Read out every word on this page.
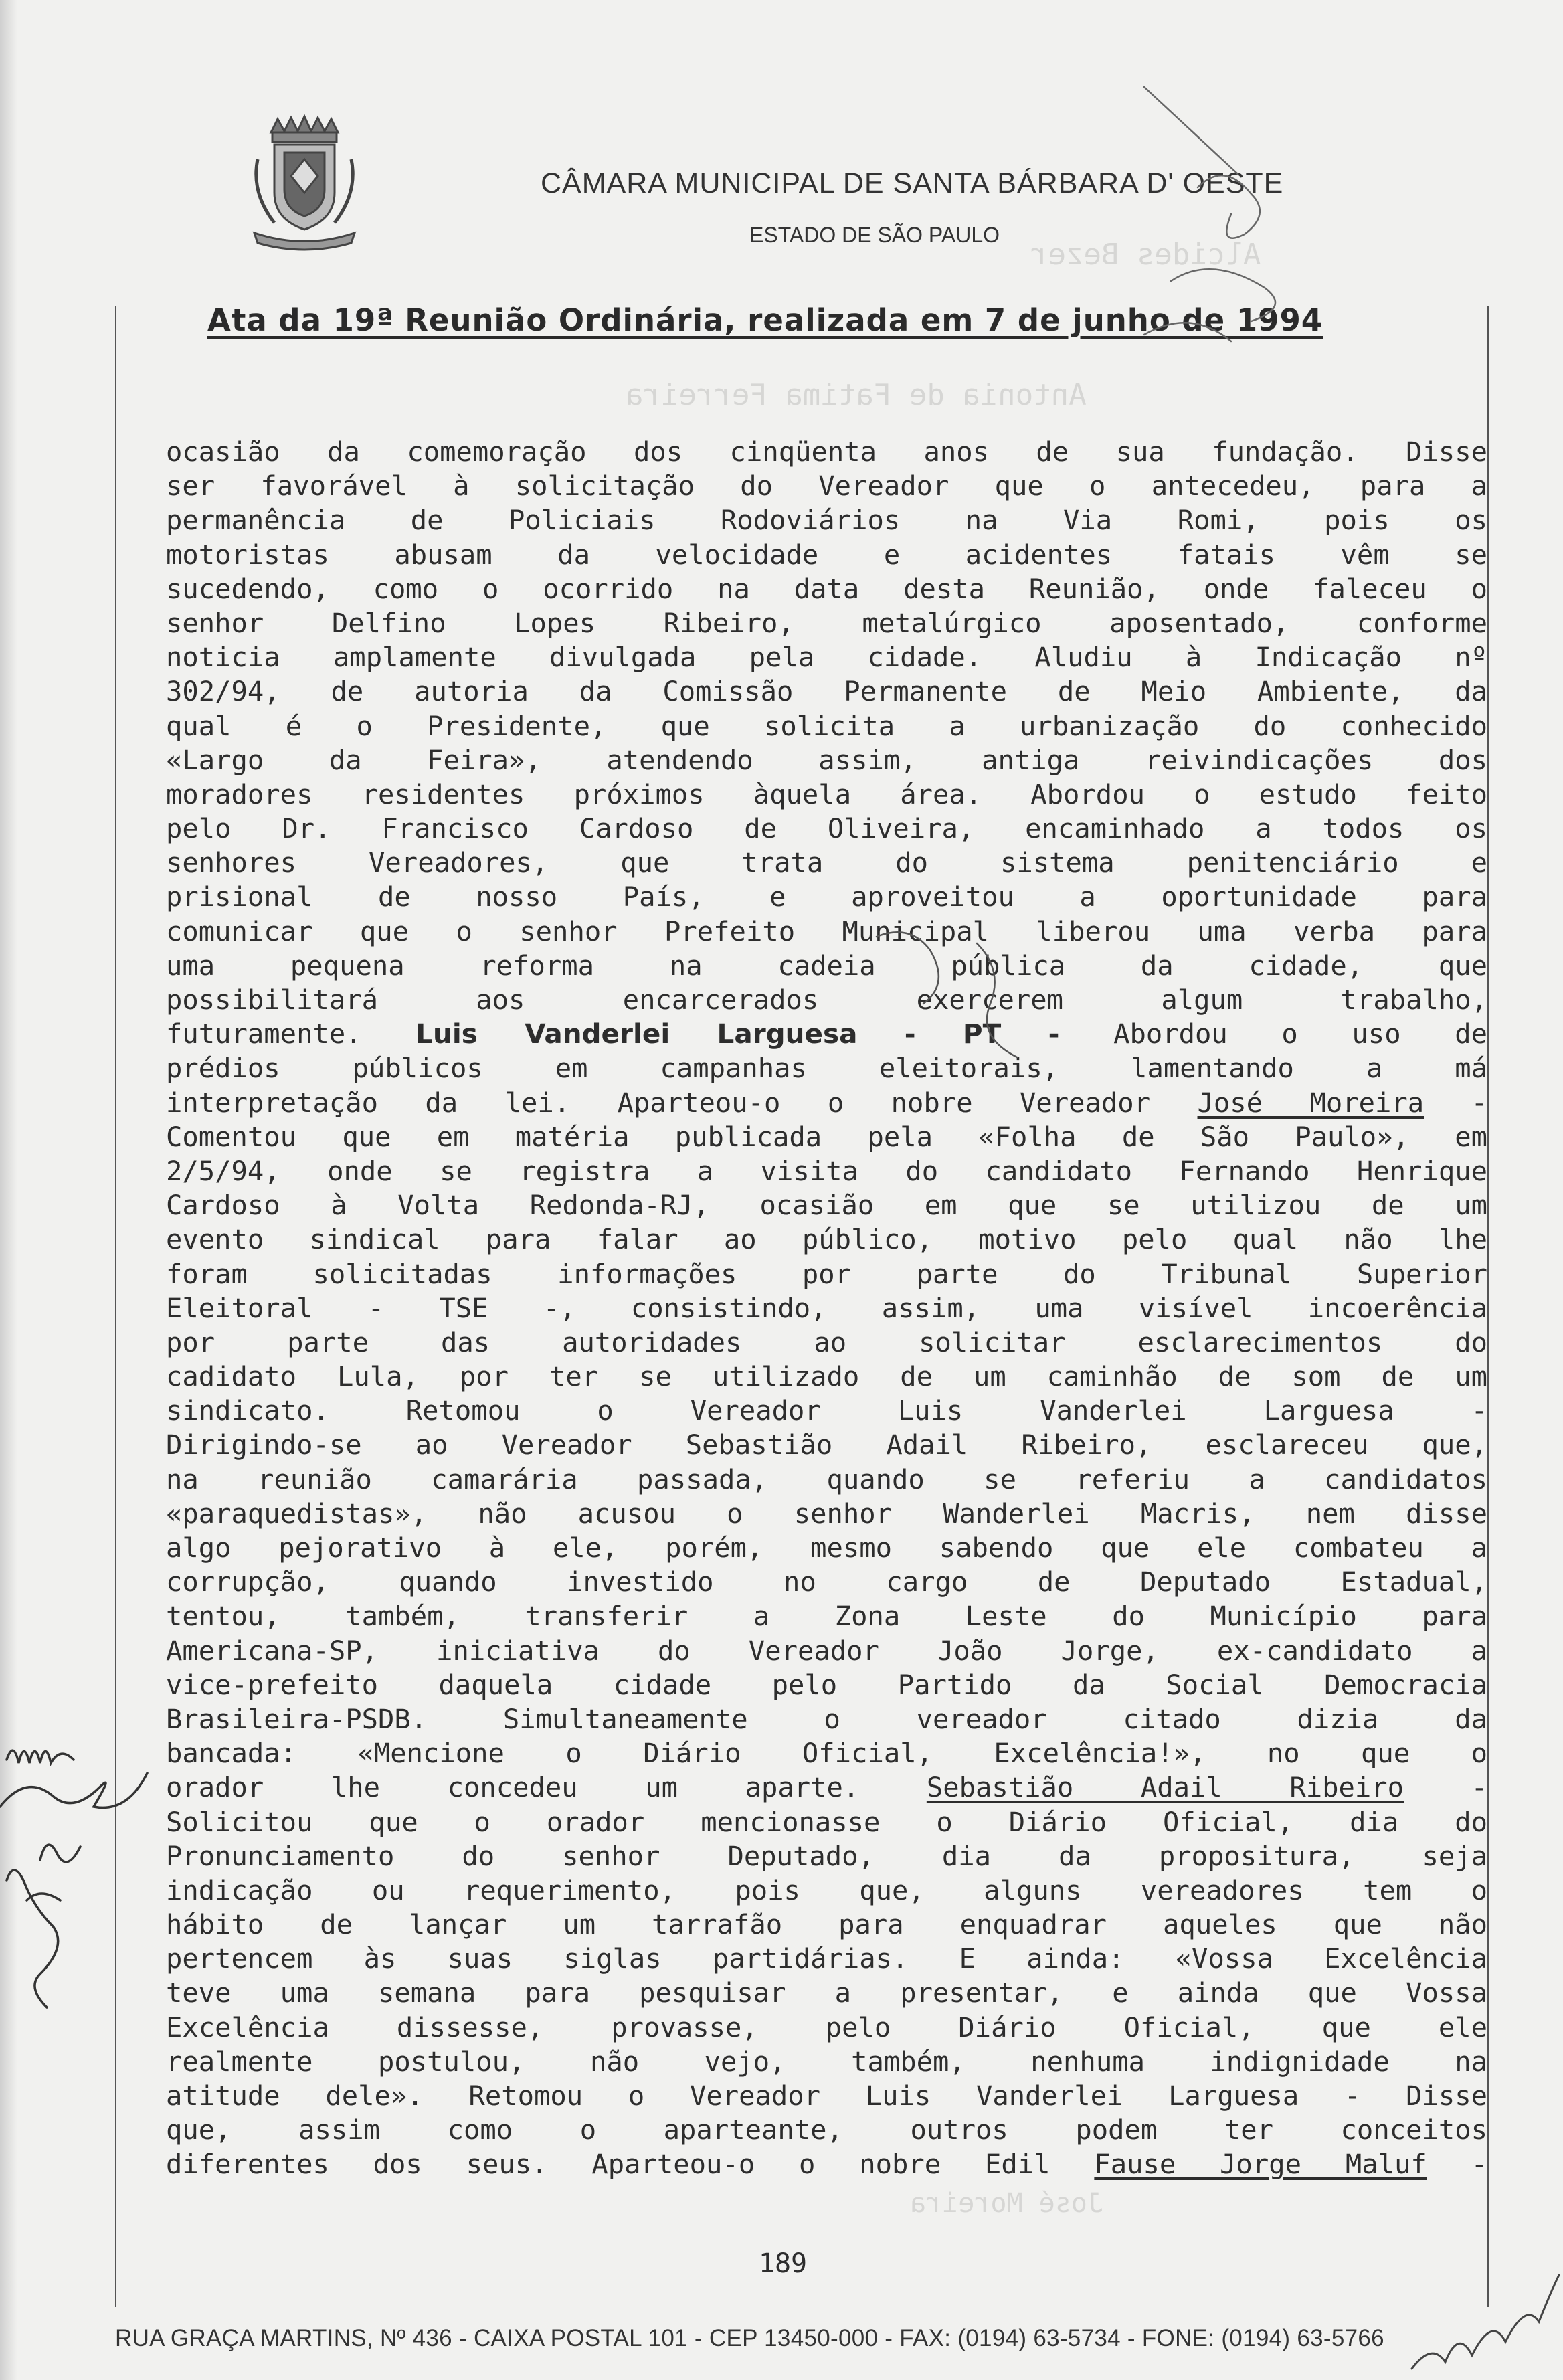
Alcides Bezer
Antonia de Fatima Ferreira
José Moreira
CÂMARA MUNICIPAL DE SANTA BÁRBARA D' OESTE
ESTADO DE SÃO PAULO
Ata da 19ª Reunião Ordinária, realizada em 7 de junho de 1994
ocasião da comemoração dos cinqüenta anos de sua fundação. Disse
ser favorável à solicitação do Vereador que o antecedeu, para a
permanência de Policiais Rodoviários na Via Romi, pois os
motoristas abusam da velocidade e acidentes fatais vêm se
sucedendo, como o ocorrido na data desta Reunião, onde faleceu o
senhor Delfino Lopes Ribeiro, metalúrgico aposentado, conforme
noticia amplamente divulgada pela cidade. Aludiu à Indicação nº
302/94, de autoria da Comissão Permanente de Meio Ambiente, da
qual é o Presidente, que solicita a urbanização do conhecido
«Largo da Feira», atendendo assim, antiga reivindicações dos
moradores residentes próximos àquela área. Abordou o estudo feito
pelo Dr. Francisco Cardoso de Oliveira, encaminhado a todos os
senhores Vereadores, que trata do sistema penitenciário e
prisional de nosso País, e aproveitou a oportunidade para
comunicar que o senhor Prefeito Municipal liberou uma verba para
uma pequena reforma na cadeia pública da cidade, que
possibilitará aos encarcerados exercerem algum trabalho,
futuramente. Luis Vanderlei Larguesa - PT - Abordou o uso de
prédios públicos em campanhas eleitorais, lamentando a má
interpretação da lei. Aparteou-o o nobre Vereador José Moreira -
Comentou que em matéria publicada pela «Folha de São Paulo», em
2/5/94, onde se registra a visita do candidato Fernando Henrique
Cardoso à Volta Redonda-RJ, ocasião em que se utilizou de um
evento sindical para falar ao público, motivo pelo qual não lhe
foram solicitadas informações por parte do Tribunal Superior
Eleitoral - TSE -, consistindo, assim, uma visível incoerência
por parte das autoridades ao solicitar esclarecimentos do
cadidato Lula, por ter se utilizado de um caminhão de som de um
sindicato. Retomou o Vereador Luis Vanderlei Larguesa -
Dirigindo-se ao Vereador Sebastião Adail Ribeiro, esclareceu que,
na reunião camarária passada, quando se referiu a candidatos
«paraquedistas», não acusou o senhor Wanderlei Macris, nem disse
algo pejorativo à ele, porém, mesmo sabendo que ele combateu a
corrupção, quando investido no cargo de Deputado Estadual,
tentou, também, transferir a Zona Leste do Município para
Americana-SP, iniciativa do Vereador João Jorge, ex-candidato a
vice-prefeito daquela cidade pelo Partido da Social Democracia
Brasileira-PSDB. Simultaneamente o vereador citado dizia da
bancada: «Mencione o Diário Oficial, Excelência!», no que o
orador lhe concedeu um aparte. Sebastião Adail Ribeiro -
Solicitou que o orador mencionasse o Diário Oficial, dia do
Pronunciamento do senhor Deputado, dia da propositura, seja
indicação ou requerimento, pois que, alguns vereadores tem o
hábito de lançar um tarrafão para enquadrar aqueles que não
pertencem às suas siglas partidárias. E ainda: «Vossa Excelência
teve uma semana para pesquisar a presentar, e ainda que Vossa
Excelência dissesse, provasse, pelo Diário Oficial, que ele
realmente postulou, não vejo, também, nenhuma indignidade na
atitude dele». Retomou o Vereador Luis Vanderlei Larguesa - Disse
que, assim como o aparteante, outros podem ter conceitos
diferentes dos seus. Aparteou-o o nobre Edil Fause Jorge Maluf -
189
RUA GRAÇA MARTINS, Nº 436 - CAIXA POSTAL 101 - CEP 13450-000 - FAX: (0194) 63-5734 - FONE: (0194) 63-5766
